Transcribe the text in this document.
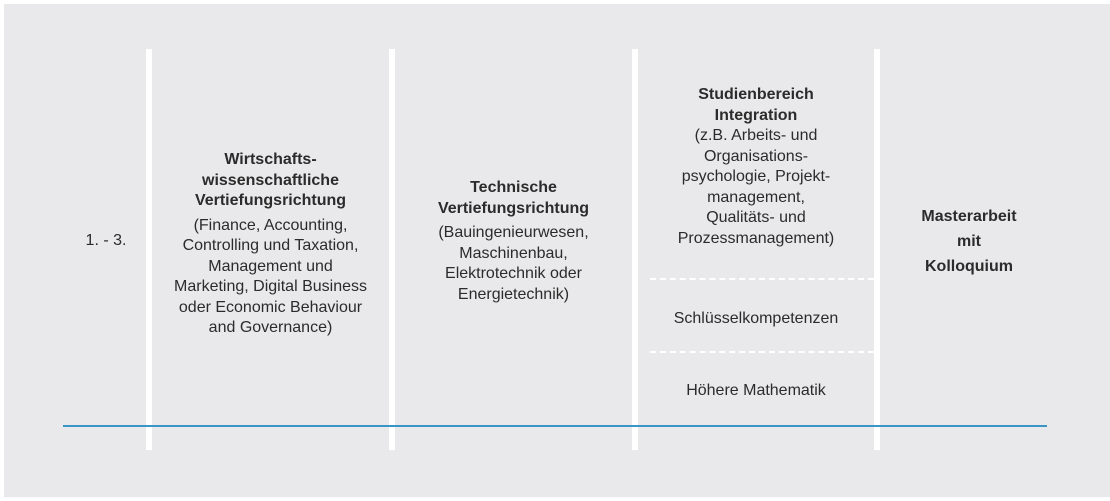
1. - 3.
Wirtschafts-
wissenschaftliche
Vertiefungsrichtung
(Finance, Accounting,
Controlling und Taxation,
Management und
Marketing, Digital Business
oder Economic Behaviour
and Governance)
Technische
Vertiefungsrichtung
(Bauingenieurwesen,
Maschinenbau,
Elektrotechnik oder
Energietechnik)
Studienbereich
Integration
(z.B. Arbeits- und
Organisations-
psychologie, Projekt-
management,
Qualitäts- und
Prozessmanagement)
Schlüsselkompetenzen
Höhere Mathematik
Masterarbeit
mit
Kolloquium
